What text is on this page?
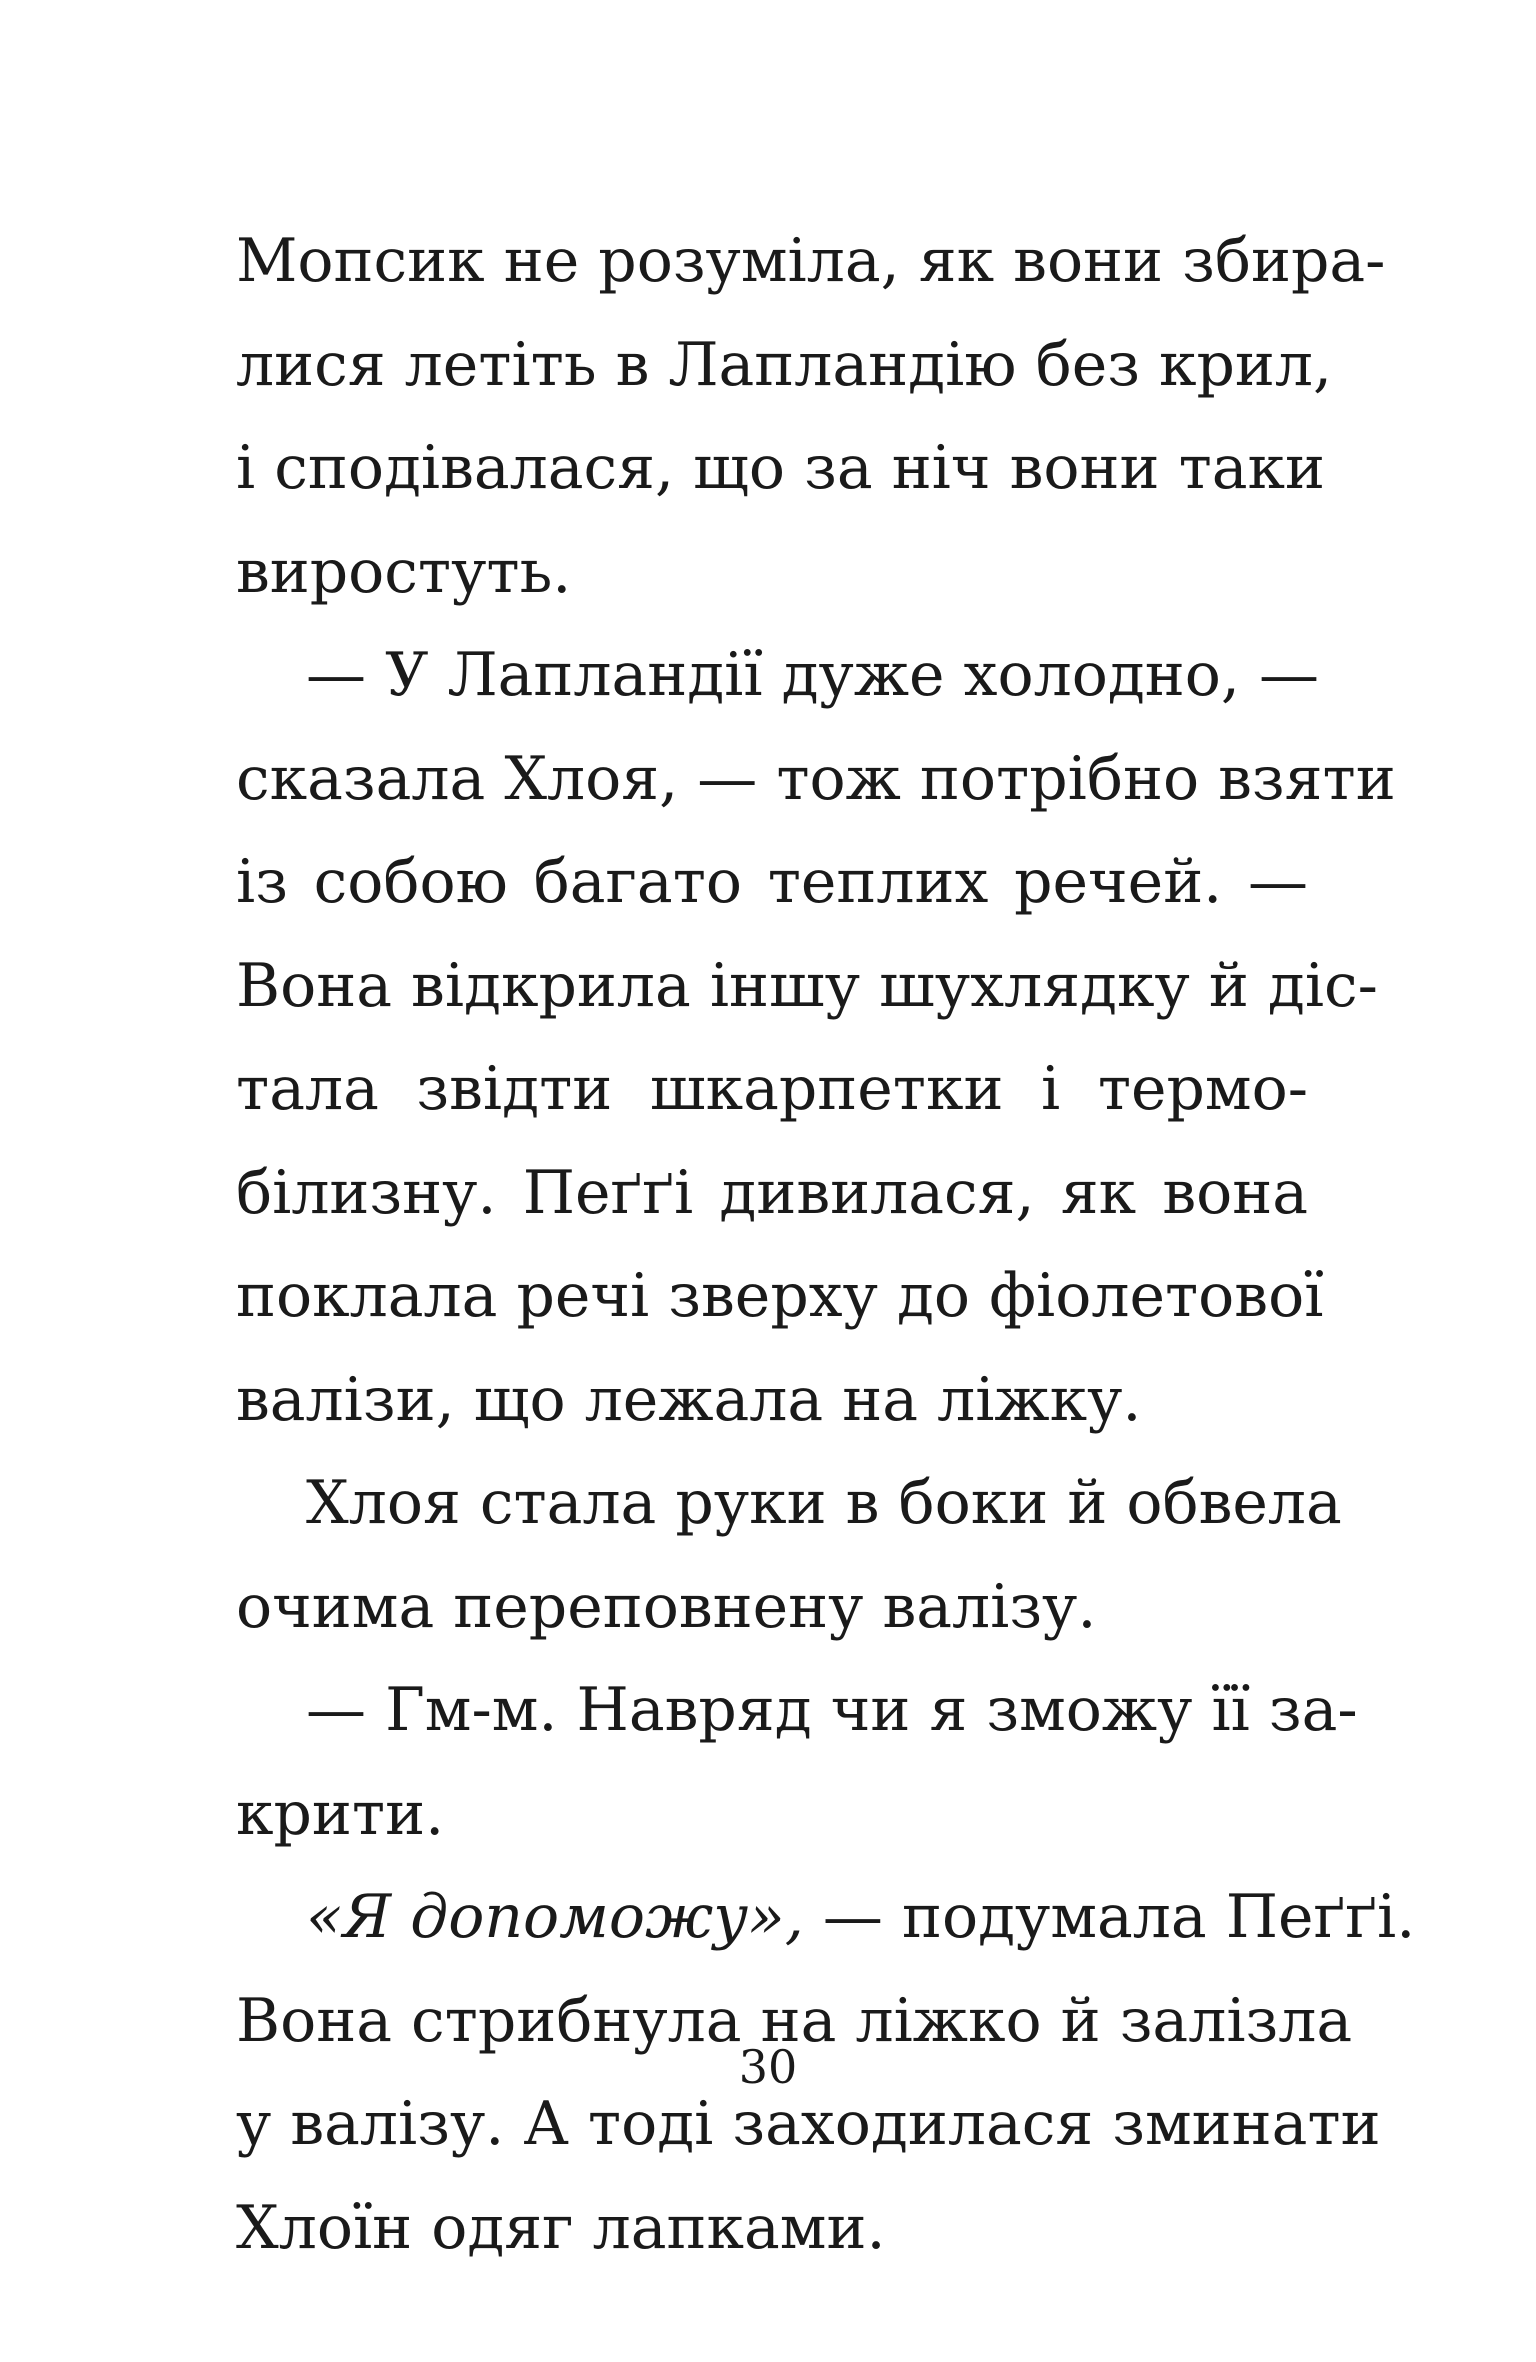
Мопсик не розуміла, як вони збира-
лися летіть в Лапландію без крил,
і сподівалася, що за ніч вони таки
виростуть.
— У Лапландії дуже холодно, —
сказала Хлоя, — тож потрібно взяти
із собою багато теплих речей. —
Вона відкрила іншу шухлядку й діс-
тала звідти шкарпетки і термо-
білизну. Пеґґі дивилася, як вона
поклала речі зверху до фіолетової
валізи, що лежала на ліжку.
Хлоя стала руки в боки й обвела
очима переповнену валізу.
— Гм-м. Навряд чи я зможу її за-
крити.
«Я допоможу», — подумала Пеґґі.
Вона стрибнула на ліжко й залізла
у валізу. А тоді заходилася зминати
Хлоїн одяг лапками.
30
